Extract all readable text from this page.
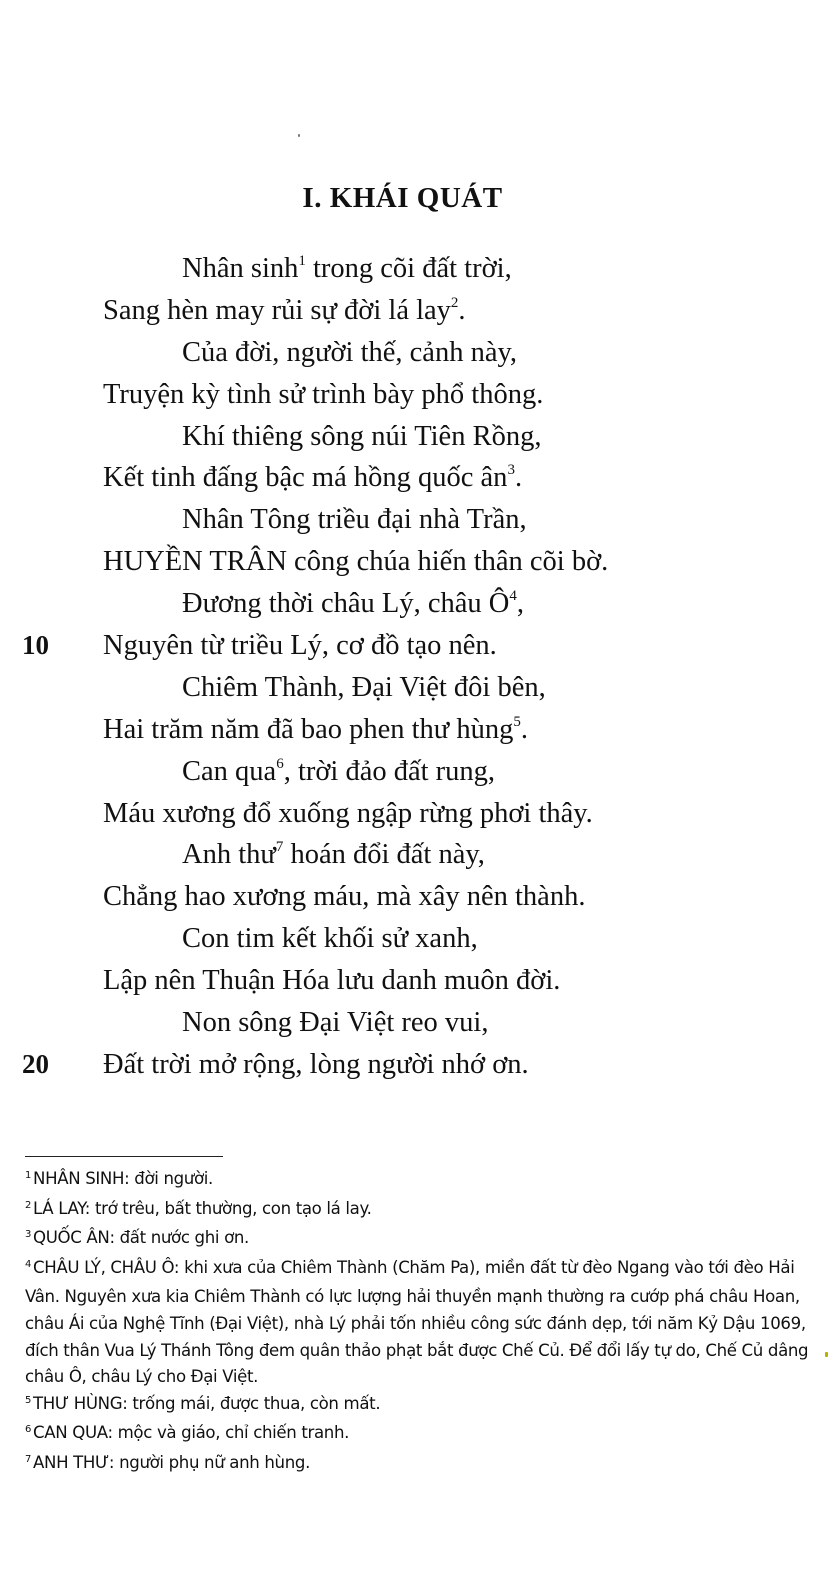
I. KHÁI QUÁT
Nhân $\sinh^1$ trong cõi đất trời,
Sang hèn may rủi sự đời lá lay$^2$.
Của đời, người thế, cảnh này,
Truyện kỳ tình sử trình bày phổ thông.
Khí thiêng sông núi Tiên Rồng,
Kết tinh đấng bậc má hồng quốc $ân^3$.
Nhân Tông triều đại nhà Trần,
HUYỀN TRÂN công chúa hiến thân cõi bờ.
Đương thời châu Lý, châu $Ô^4$,
10 Nguyên từ triều Lý, cơ đồ tạo nên.
Chiêm Thành, Đại Việt đôi bên,
Hai trăm năm đã bao phen thư hùng$^5$.
Can qua$^6$, trời đảo đất rung,
Máu xương đổ xuống ngập rừng phơi thây.
Anh thư$^7$ hoán đổi đất này,
Chẳng hao xương máu, mà xây nên thành.
Con tim kết khối sử xanh,
Lập nên Thuận Hóa lưu danh muôn đời.
Non sông Đại Việt reo vui,
20 Đất trời mở rộng, lòng người nhớ ơn.
$^1$ NHÂN SINH: đời người.
$^2$ LÁ LAY: trớ trêu, bất thường, con tạo lá lay.
$^3$ QUỐC ÂN: đất nước ghi ơn.
$^4$ CHÂU LÝ, CHÂU Ô: khi xưa của Chiêm Thành (Chăm Pa), miền đất từ đèo Ngang vào tới đèo Hải Vân. Nguyên xưa kia Chiêm Thành có lực lượng hải thuyền mạnh thường ra cướp phá châu Hoan, châu Ái của Nghệ Tĩnh (Đại Việt), nhà Lý phải tốn nhiều công sức đánh dẹp, tới năm Kỷ Dậu 1069, đích thân Vua Lý Thánh Tông đem quân thảo phạt bắt được Chế Củ. Để đổi lấy tự do, Chế Củ dâng châu Ô, châu Lý cho Đại Việt.
$^5$ THƯ HÙNG: trống mái, được thua, còn mất.
$^6$ CAN QUA: mộc và giáo, chỉ chiến tranh.
$^7$ ANH THƯ: người phụ nữ anh hùng.
